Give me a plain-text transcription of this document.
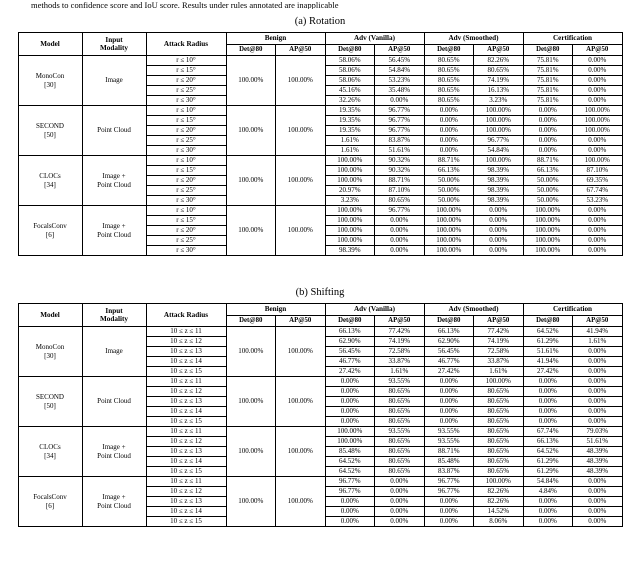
methods to confidence score and IoU score. Results under rules annotated are inapplicable
(a) Rotation
Model	Input
Modality	Attack Radius	Benign		Adv (Vanilla)		Adv (Smoothed)		Certification	
			Det@80	AP@50	Det@80	AP@50	Det@80	AP@50	Det@80	AP@50
MonoCon
[30]	Image	r ≤ 10°	100.00%	100.00%	58.06%	56.45%	80.65%	82.26%	75.81%	0.00%
		r ≤ 15°			58.06%	54.84%	80.65%	80.65%	75.81%	0.00%
		r ≤ 20°			58.06%	53.23%	80.65%	74.19%	75.81%	0.00%
		r ≤ 25°			45.16%	35.48%	80.65%	16.13%	75.81%	0.00%
		r ≤ 30°			32.26%	0.00%	80.65%	3.23%	75.81%	0.00%
SECOND
[50]	Point Cloud	r ≤ 10°	100.00%	100.00%	19.35%	96.77%	0.00%	100.00%	0.00%	100.00%
		r ≤ 15°			19.35%	96.77%	0.00%	100.00%	0.00%	100.00%
		r ≤ 20°			19.35%	96.77%	0.00%	100.00%	0.00%	100.00%
		r ≤ 25°			1.61%	83.87%	0.00%	96.77%	0.00%	0.00%
		r ≤ 30°			1.61%	51.61%	0.00%	54.84%	0.00%	0.00%
CLOCs
[34]	Image +
Point Cloud	r ≤ 10°	100.00%	100.00%	100.00%	90.32%	88.71%	100.00%	88.71%	100.00%
		r ≤ 15°			100.00%	90.32%	66.13%	98.39%	66.13%	87.10%
		r ≤ 20°			100.00%	88.71%	50.00%	98.39%	50.00%	69.35%
		r ≤ 25°			20.97%	87.10%	50.00%	98.39%	50.00%	67.74%
		r ≤ 30°			3.23%	80.65%	50.00%	98.39%	50.00%	53.23%
FocalsConv
[6]	Image +
Point Cloud	r ≤ 10°	100.00%	100.00%	100.00%	96.77%	100.00%	0.00%	100.00%	0.00%
		r ≤ 15°			100.00%	0.00%	100.00%	0.00%	100.00%	0.00%
		r ≤ 20°			100.00%	0.00%	100.00%	0.00%	100.00%	0.00%
		r ≤ 25°			100.00%	0.00%	100.00%	0.00%	100.00%	0.00%
		r ≤ 30°			98.39%	0.00%	100.00%	0.00%	100.00%	0.00%
(b) Shifting
Model	Input
Modality	Attack Radius	Benign		Adv (Vanilla)		Adv (Smoothed)		Certification	
			Det@80	AP@50	Det@80	AP@50	Det@80	AP@50	Det@80	AP@50
MonoCon
[30]	Image	10 ≤ z ≤ 11	100.00%	100.00%	66.13%	77.42%	66.13%	77.42%	64.52%	41.94%
		10 ≤ z ≤ 12			62.90%	74.19%	62.90%	74.19%	61.29%	1.61%
		10 ≤ z ≤ 13			56.45%	72.58%	56.45%	72.58%	51.61%	0.00%
		10 ≤ z ≤ 14			46.77%	33.87%	46.77%	33.87%	41.94%	0.00%
		10 ≤ z ≤ 15			27.42%	1.61%	27.42%	1.61%	27.42%	0.00%
SECOND
[50]	Point Cloud	10 ≤ z ≤ 11	100.00%	100.00%	0.00%	93.55%	0.00%	100.00%	0.00%	0.00%
		10 ≤ z ≤ 12			0.00%	80.65%	0.00%	80.65%	0.00%	0.00%
		10 ≤ z ≤ 13			0.00%	80.65%	0.00%	80.65%	0.00%	0.00%
		10 ≤ z ≤ 14			0.00%	80.65%	0.00%	80.65%	0.00%	0.00%
		10 ≤ z ≤ 15			0.00%	80.65%	0.00%	80.65%	0.00%	0.00%
CLOCs
[34]	Image +
Point Cloud	10 ≤ z ≤ 11	100.00%	100.00%	100.00%	93.55%	93.55%	80.65%	67.74%	79.03%
		10 ≤ z ≤ 12			100.00%	80.65%	93.55%	80.65%	66.13%	51.61%
		10 ≤ z ≤ 13			85.48%	80.65%	88.71%	80.65%	64.52%	48.39%
		10 ≤ z ≤ 14			64.52%	80.65%	85.48%	80.65%	61.29%	48.39%
		10 ≤ z ≤ 15			64.52%	80.65%	83.87%	80.65%	61.29%	48.39%
FocalsConv
[6]	Image +
Point Cloud	10 ≤ z ≤ 11	100.00%	100.00%	96.77%	0.00%	96.77%	100.00%	54.84%	0.00%
		10 ≤ z ≤ 12			96.77%	0.00%	96.77%	82.26%	4.84%	0.00%
		10 ≤ z ≤ 13			0.00%	0.00%	0.00%	82.26%	0.00%	0.00%
		10 ≤ z ≤ 14			0.00%	0.00%	0.00%	14.52%	0.00%	0.00%
		10 ≤ z ≤ 15			0.00%	0.00%	0.00%	8.06%	0.00%	0.00%
